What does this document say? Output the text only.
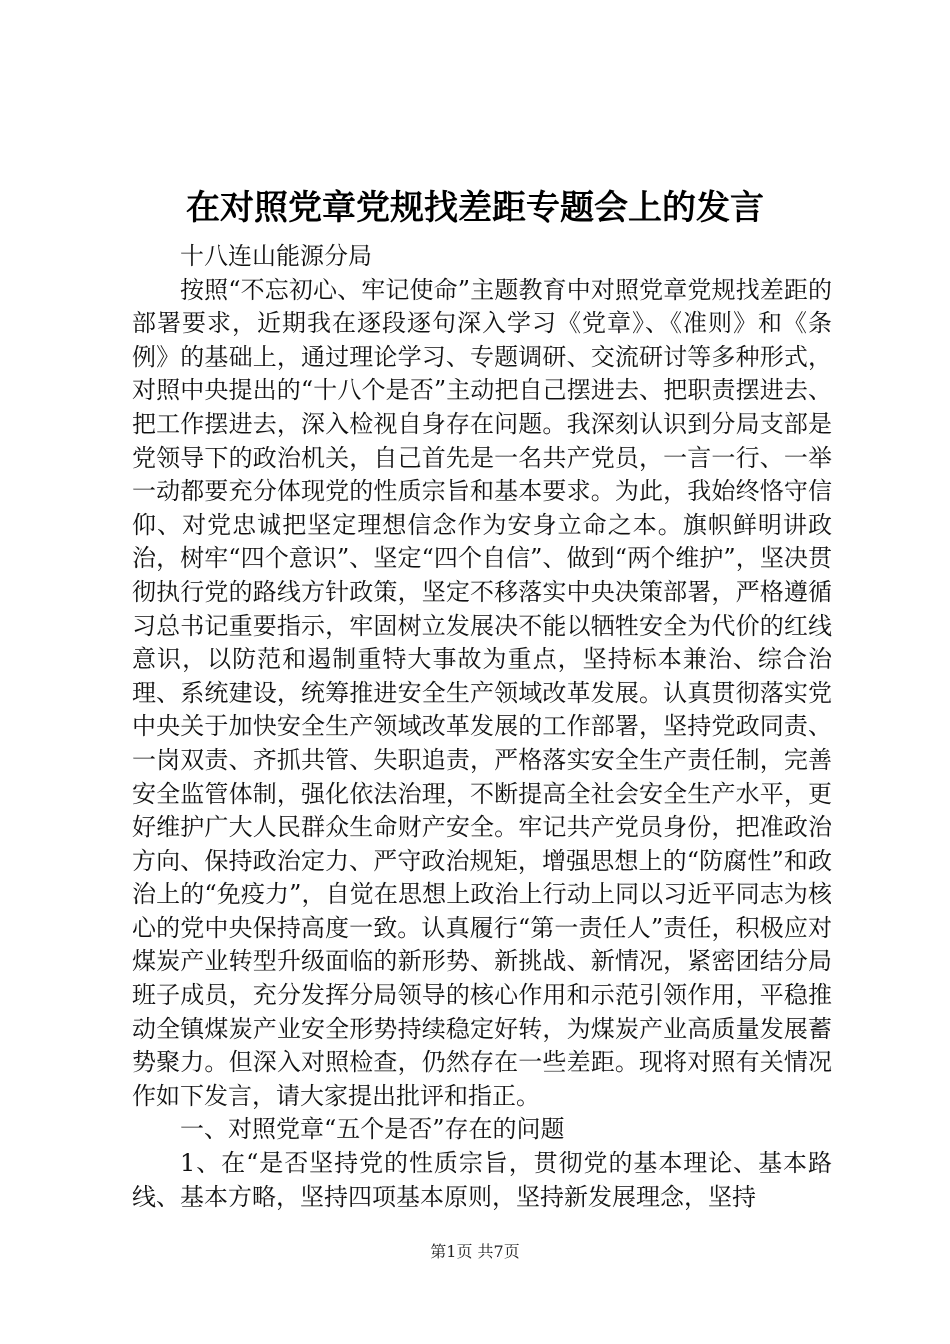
在对照党章党规找差距专题会上的发言

十八连山能源分局

按照“不忘初心、牢记使命”主题教育中对照党章党规找差距的部署要求，近期我在逐段逐句深入学习《党章》、《准则》和《条例》的基础上，通过理论学习、专题调研、交流研讨等多种形式，对照中央提出的“十八个是否”主动把自己摆进去、把职责摆进去、把工作摆进去，深入检视自身存在问题。我深刻认识到分局支部是党领导下的政治机关，自己首先是一名共产党员，一言一行、一举一动都要充分体现党的性质宗旨和基本要求。为此，我始终恪守信仰、对党忠诚把坚定理想信念作为安身立命之本。旗帜鲜明讲政治，树牢“四个意识”、坚定“四个自信”、做到“两个维护”，坚决贯彻执行党的路线方针政策，坚定不移落实中央决策部署，严格遵循习总书记重要指示，牢固树立发展决不能以牺牲安全为代价的红线意识，以防范和遏制重特大事故为重点，坚持标本兼治、综合治理、系统建设，统筹推进安全生产领域改革发展。认真贯彻落实党中央关于加快安全生产领域改革发展的工作部署，坚持党政同责、一岗双责、齐抓共管、失职追责，严格落实安全生产责任制，完善安全监管体制，强化依法治理，不断提高全社会安全生产水平，更好维护广大人民群众生命财产安全。牢记共产党员身份，把准政治方向、保持政治定力、严守政治规矩，增强思想上的“防腐性”和政治上的“免疫力”，自觉在思想上政治上行动上同以习近平同志为核心的党中央保持高度一致。认真履行“第一责任人”责任，积极应对煤炭产业转型升级面临的新形势、新挑战、新情况，紧密团结分局班子成员，充分发挥分局领导的核心作用和示范引领作用，平稳推动全镇煤炭产业安全形势持续稳定好转，为煤炭产业高质量发展蓄势聚力。但深入对照检查，仍然存在一些差距。现将对照有关情况作如下发言，请大家提出批评和指正。

一、对照党章“五个是否”存在的问题

1、在“是否坚持党的性质宗旨，贯彻党的基本理论、基本路线、基本方略，坚持四项基本原则，坚持新发展理念，坚持

第1页 共7页
